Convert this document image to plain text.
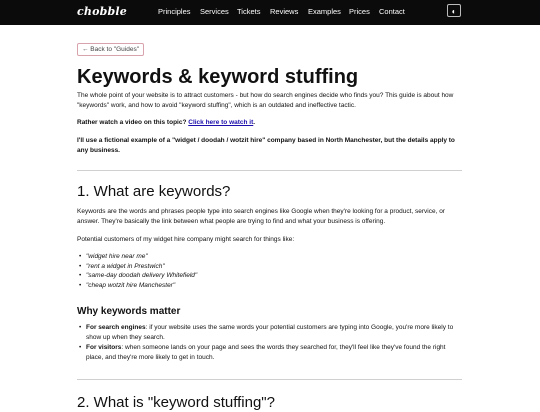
chobble	Principles Services Tickets Reviews Examples Prices Contact	◐
← Back to "Guides"
Keywords & keyword stuffing

The whole point of your website is to attract customers - but how do search engines decide who finds you? This guide is about how "keywords" work, and how to avoid "keyword stuffing", which is an outdated and ineffective tactic.

Rather watch a video on this topic? Click here to watch it.

I'll use a fictional example of a "widget / doodah / wotzit hire" company based in North Manchester, but the details apply to any business.

1. What are keywords?

Keywords are the words and phrases people type into search engines like Google when they're looking for a product, service, or answer. They're basically the link between what people are trying to find and what your business is offering.

Potential customers of my widget hire company might search for things like:

• "widget hire near me"
• "rent a widget in Prestwich"
• "same-day doodah delivery Whitefield"
• "cheap wotzit hire Manchester"
Why keywords matter
• For search engines: if your website uses the same words your potential customers are typing into Google, you're more likely to show up when they search.
• For visitors: when someone lands on your page and sees the words they searched for, they'll feel like they've found the right place, and they're more likely to get in touch.
2. What is "keyword stuffing"?
